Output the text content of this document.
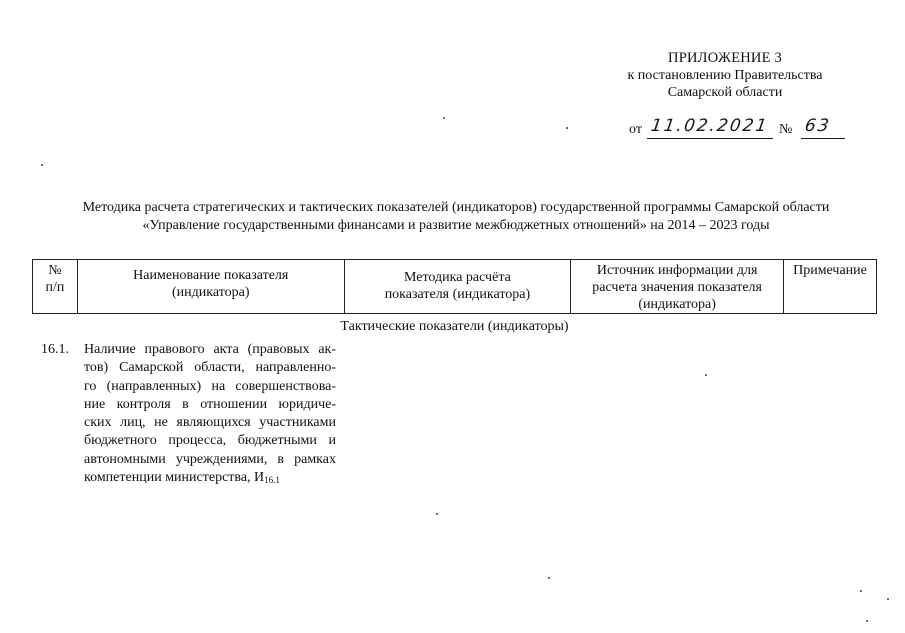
ПРИЛОЖЕНИЕ 3
к постановлению Правительства
Самарской области
от 11.02.2021 № 63
Методика расчета стратегических и тактических показателей (индикаторов) государственной программы Самарской области
«Управление государственными финансами и развитие межбюджетных отношений» на 2014 – 2023 годы
№
п/п

Наименование показателя
(индикатора)

Методика расчёта
показателя (индикатора)

Источник информации для
расчета значения показателя
(индикатора)

Примечание
Тактические показатели (индикаторы)
16.1. Наличие правового акта (правовых ак-
тов) Самарской области, направленно-
го (направленных) на совершенствова-
ние контроля в отношении юридиче-
ских лиц, не являющихся участниками
бюджетного процесса, бюджетными и
автономными учреждениями, в рамках
компетенции министерства, $И_{16.1}$
